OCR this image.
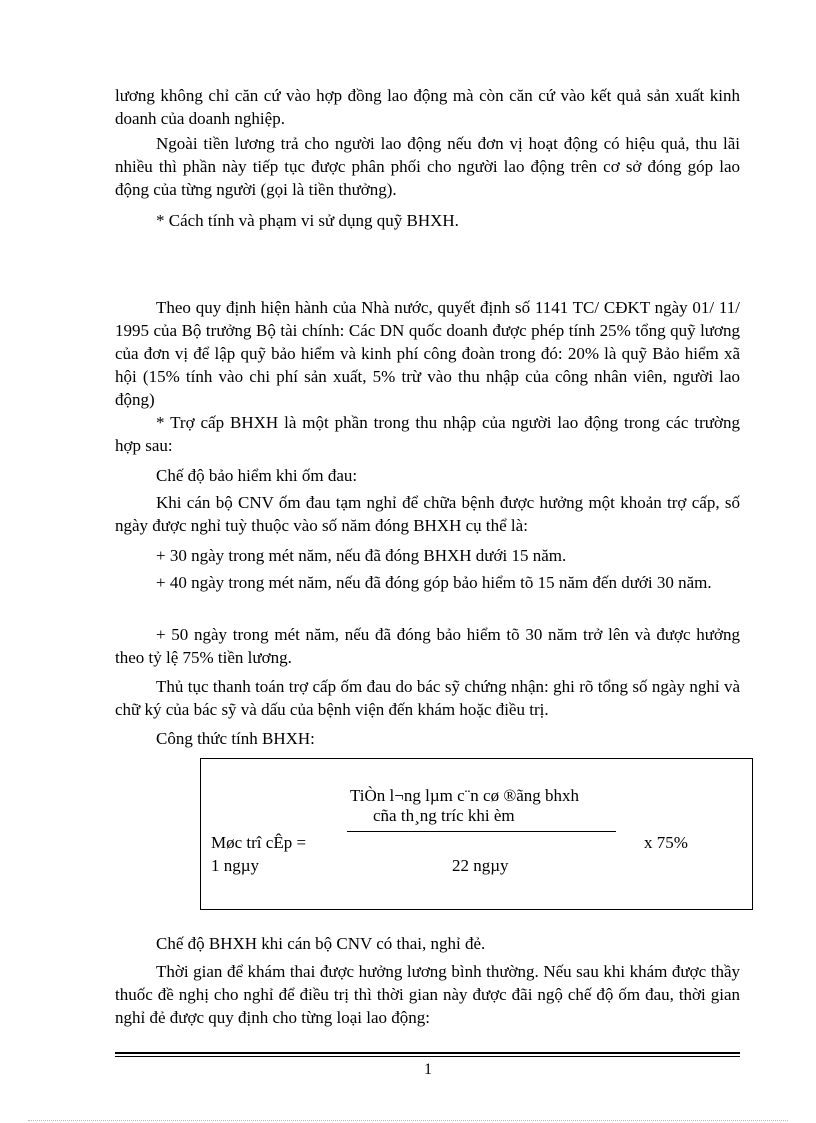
lương không chỉ căn cứ vào hợp đồng lao động mà còn căn cứ vào kết quả sản xuất kinh doanh của doanh nghiệp.

Ngoài tiền lương trả cho người lao động nếu đơn vị hoạt động có hiệu quả, thu lãi nhiều thì phần này tiếp tục được phân phối cho người lao động trên cơ sở đóng góp lao động của từng người (gọi là tiền thưởng).

* Cách tính và phạm vi sử dụng quỹ BHXH.

Theo quy định hiện hành của Nhà nước, quyết định số 1141 TC/ CĐKT ngày 01/ 11/ 1995 của Bộ trưởng Bộ tài chính: Các DN quốc doanh được phép tính 25% tổng quỹ lương của đơn vị để lập quỹ bảo hiểm và kinh phí công đoàn trong đó: 20% là quỹ Bảo hiểm xã hội (15% tính vào chi phí sản xuất, 5% trừ vào thu nhập của công nhân viên, người lao động)

* Trợ cấp BHXH là một phần trong thu nhập của người lao động trong các trường hợp sau:

Chế độ bảo hiểm khi ốm đau:

Khi cán bộ CNV ốm đau tạm nghỉ để chữa bệnh được hưởng một khoản trợ cấp, số ngày được nghỉ tuỳ thuộc vào số năm đóng BHXH cụ thể là:

+ 30 ngày trong mét năm, nếu đã đóng BHXH dưới 15 năm.

+ 40 ngày trong mét năm, nếu đã đóng góp bảo hiểm tõ 15 năm đến dưới 30 năm.

+ 50 ngày trong mét năm, nếu đã đóng bảo hiểm tõ 30 năm trở lên và được hưởng theo tỷ lệ 75% tiền lương.

Thủ tục thanh toán trợ cấp ốm đau do bác sỹ chứng nhận: ghi rõ tổng số ngày nghỉ và chữ ký của bác sỹ và dấu của bệnh viện đến khám hoặc điều trị.

Công thức tính BHXH:

TiÒn l¬ng lµm c¨n cø ®ãng bhxh
cña th¸ng tríc khi èm
Møc trî cÊp =
1 ngµy	22 ngµy
x 75%

Chế độ BHXH khi cán bộ CNV có thai, nghỉ đẻ.

Thời gian để khám thai được hưởng lương bình thường. Nếu sau khi khám được thầy thuốc đề nghị cho nghỉ để điều trị thì thời gian này được đãi ngộ chế độ ốm đau, thời gian nghỉ đẻ được quy định cho từng loại lao động:

1
